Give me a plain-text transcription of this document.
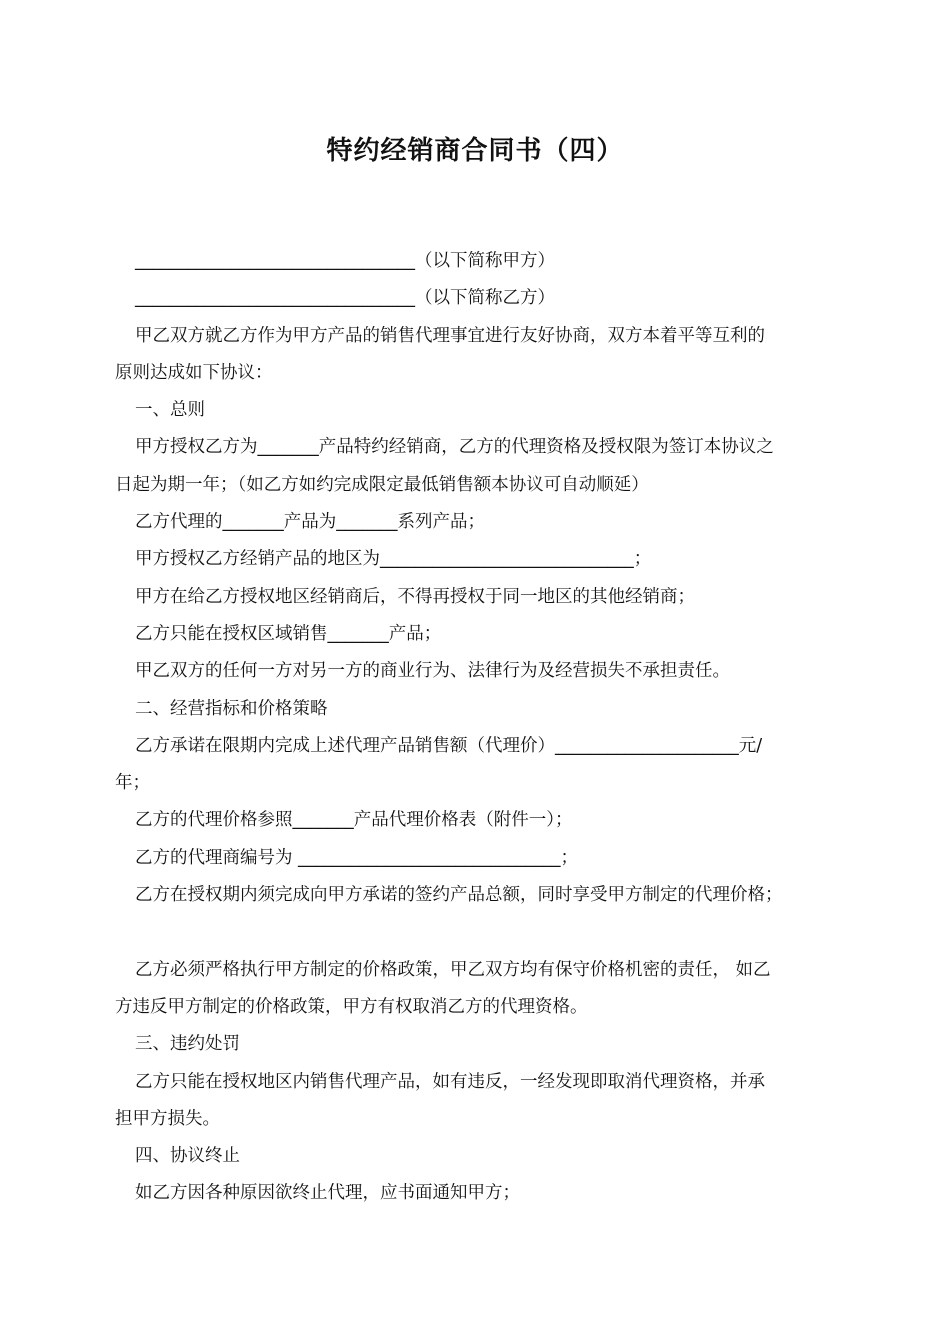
特约经销商合同书（四）

________________________________（以下简称甲方）

________________________________（以下简称乙方）

甲乙双方就乙方作为甲方产品的销售代理事宜进行友好协商，双方本着平等互利的

原则达成如下协议：

一、总则

甲方授权乙方为_______产品特约经销商，乙方的代理资格及授权限为签订本协议之

日起为期一年；（如乙方如约完成限定最低销售额本协议可自动顺延）

乙方代理的_______产品为_______系列产品；

甲方授权乙方经销产品的地区为_____________________________；

甲方在给乙方授权地区经销商后，不得再授权于同一地区的其他经销商；

乙方只能在授权区域销售_______产品；

甲乙双方的任何一方对另一方的商业行为、法律行为及经营损失不承担责任。

二、经营指标和价格策略

乙方承诺在限期内完成上述代理产品销售额（代理价）_____________________元/

年；

乙方的代理价格参照_______产品代理价格表（附件一）；

乙方的代理商编号为 ______________________________；

乙方在授权期内须完成向甲方承诺的签约产品总额，同时享受甲方制定的代理价格；

乙方必须严格执行甲方制定的价格政策，甲乙双方均有保守价格机密的责任， 如乙

方违反甲方制定的价格政策，甲方有权取消乙方的代理资格。

三、违约处罚

乙方只能在授权地区内销售代理产品，如有违反，一经发现即取消代理资格，并承

担甲方损失。

四、协议终止

如乙方因各种原因欲终止代理，应书面通知甲方；
